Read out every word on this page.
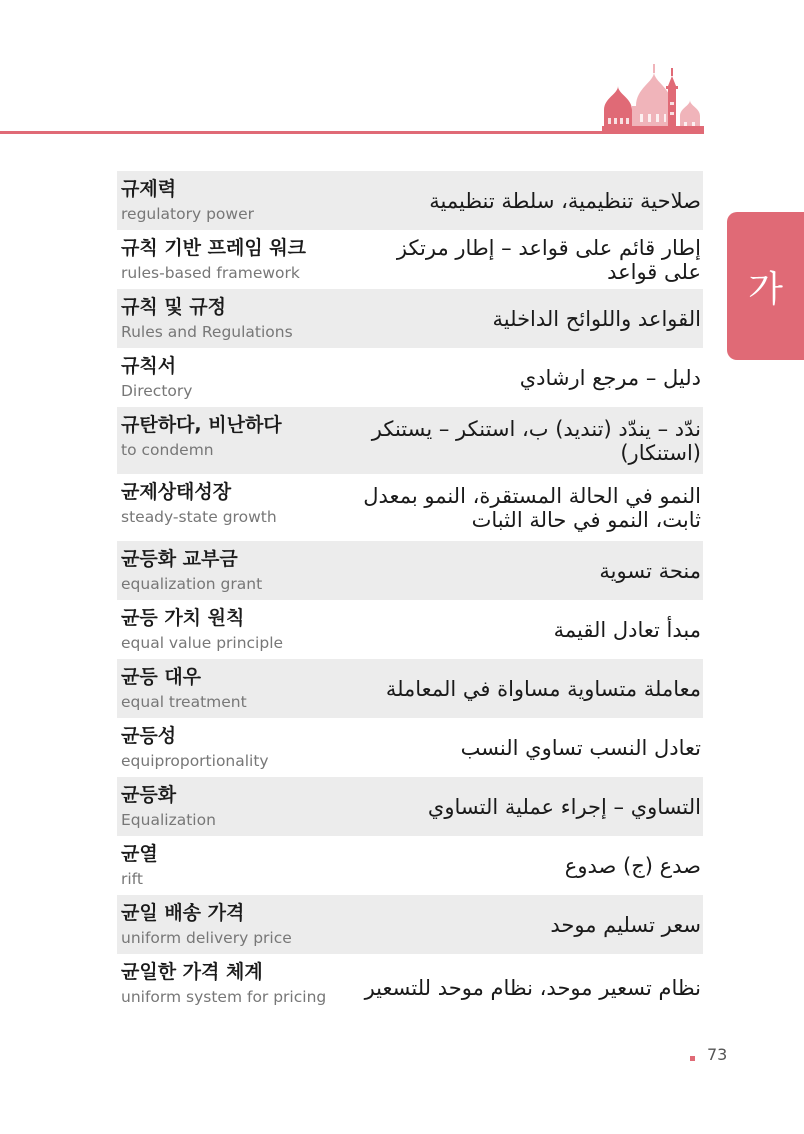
가
규제력
regulatory power
صلاحية تنظيمية، سلطة تنظيمية
규칙 기반 프레임 워크
rules-based framework
إطار قائم على قواعد – إطار مرتكز على قواعد
규칙 및 규정
Rules and Regulations
القواعد واللوائح الداخلية
규칙서
Directory
دليل – مرجع ارشادي
규탄하다, 비난하다
to condemn
ندّد – يندّد (تنديد) ب، استنكر – يستنكر (استنكار)
균제상태성장
steady-state growth
النمو في الحالة المستقرة، النمو بمعدل ثابت، النمو في حالة الثبات
균등화 교부금
equalization grant
منحة تسوية
균등 가치 원칙
equal value principle
مبدأ تعادل القيمة
균등 대우
equal treatment
معاملة متساوية مساواة في المعاملة
균등성
equiproportionality
تعادل النسب تساوي النسب
균등화
Equalization
التساوي – إجراء عملية التساوي
균열
rift
صدع (ج) صدوع
균일 배송 가격
uniform delivery price
سعر تسليم موحد
균일한 가격 체계
uniform system for pricing نظام تسعير موحد، نظام موحد للتسعير
73
